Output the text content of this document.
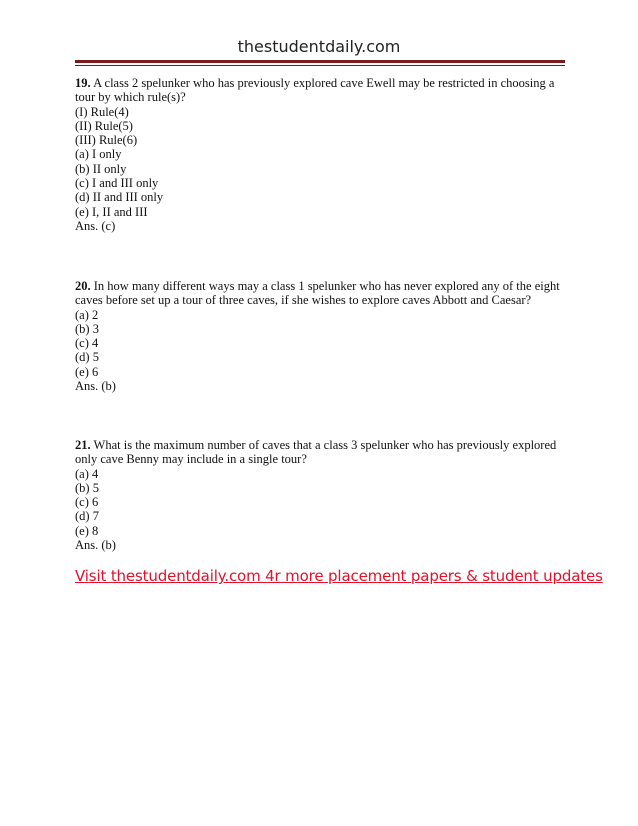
thestudentdaily.com
19. A class 2 spelunker who has previously explored cave Ewell may be restricted in choosing a
tour by which rule(s)?
(I) Rule(4)
(II) Rule(5)
(III) Rule(6)
(a) I only
(b) II only
(c) I and III only
(d) II and III only
(e) I, II and III
Ans. (c)
20. In how many different ways may a class 1 spelunker who has never explored any of the eight
caves before set up a tour of three caves, if she wishes to explore caves Abbott and Caesar?
(a) 2
(b) 3
(c) 4
(d) 5
(e) 6
Ans. (b)
21. What is the maximum number of caves that a class 3 spelunker who has previously explored
only cave Benny may include in a single tour?
(a) 4
(b) 5
(c) 6
(d) 7
(e) 8
Ans. (b)
Visit thestudentdaily.com 4r more placement papers & student updates
